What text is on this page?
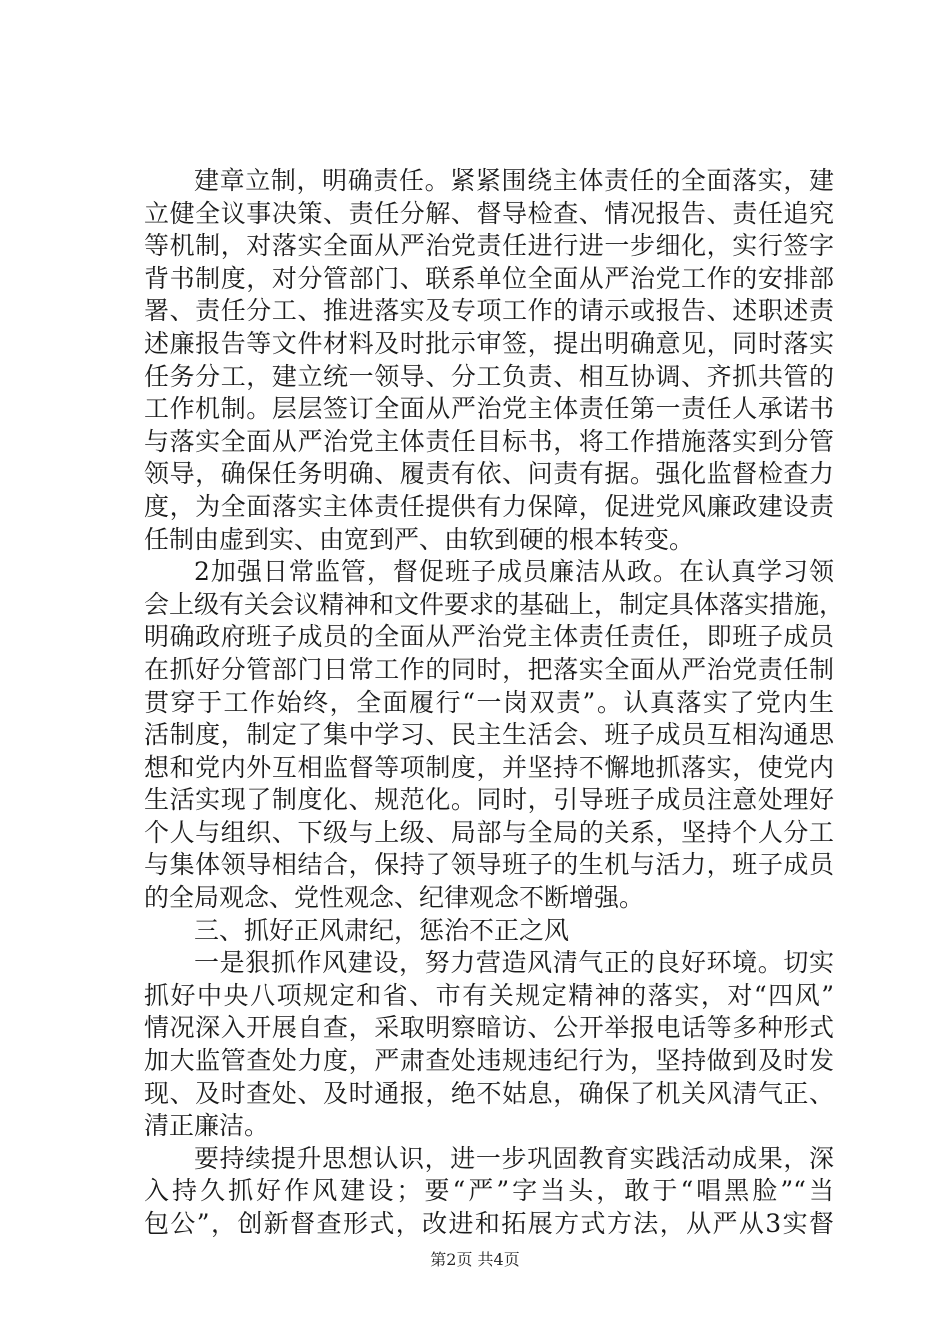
建章立制，明确责任。紧紧围绕主体责任的全面落实，建
立健全议事决策、责任分解、督导检查、情况报告、责任追究
等机制，对落实全面从严治党责任进行进一步细化，实行签字
背书制度，对分管部门、联系单位全面从严治党工作的安排部
署、责任分工、推进落实及专项工作的请示或报告、述职述责
述廉报告等文件材料及时批示审签，提出明确意见，同时落实
任务分工，建立统一领导、分工负责、相互协调、齐抓共管的
工作机制。层层签订全面从严治党主体责任第一责任人承诺书
与落实全面从严治党主体责任目标书，将工作措施落实到分管
领导，确保任务明确、履责有依、问责有据。强化监督检查力
度，为全面落实主体责任提供有力保障，促进党风廉政建设责
任制由虚到实、由宽到严、由软到硬的根本转变。
2加强日常监管，督促班子成员廉洁从政。在认真学习领
会上级有关会议精神和文件要求的基础上，制定具体落实措施，
明确政府班子成员的全面从严治党主体责任责任，即班子成员
在抓好分管部门日常工作的同时，把落实全面从严治党责任制
贯穿于工作始终，全面履行“一岗双责”。认真落实了党内生
活制度，制定了集中学习、民主生活会、班子成员互相沟通思
想和党内外互相监督等项制度，并坚持不懈地抓落实，使党内
生活实现了制度化、规范化。同时，引导班子成员注意处理好
个人与组织、下级与上级、局部与全局的关系，坚持个人分工
与集体领导相结合，保持了领导班子的生机与活力，班子成员
的全局观念、党性观念、纪律观念不断增强。
三、抓好正风肃纪，惩治不正之风
一是狠抓作风建设，努力营造风清气正的良好环境。切实
抓好中央八项规定和省、市有关规定精神的落实，对“四风”
情况深入开展自查，采取明察暗访、公开举报电话等多种形式
加大监管查处力度，严肃查处违规违纪行为，坚持做到及时发
现、及时查处、及时通报，绝不姑息，确保了机关风清气正、
清正廉洁。
要持续提升思想认识，进一步巩固教育实践活动成果，深
入持久抓好作风建设；要“严”字当头，敢于“唱黑脸”“当
包公”，创新督查形式，改进和拓展方式方法，从严从3实督
第2页 共4页
